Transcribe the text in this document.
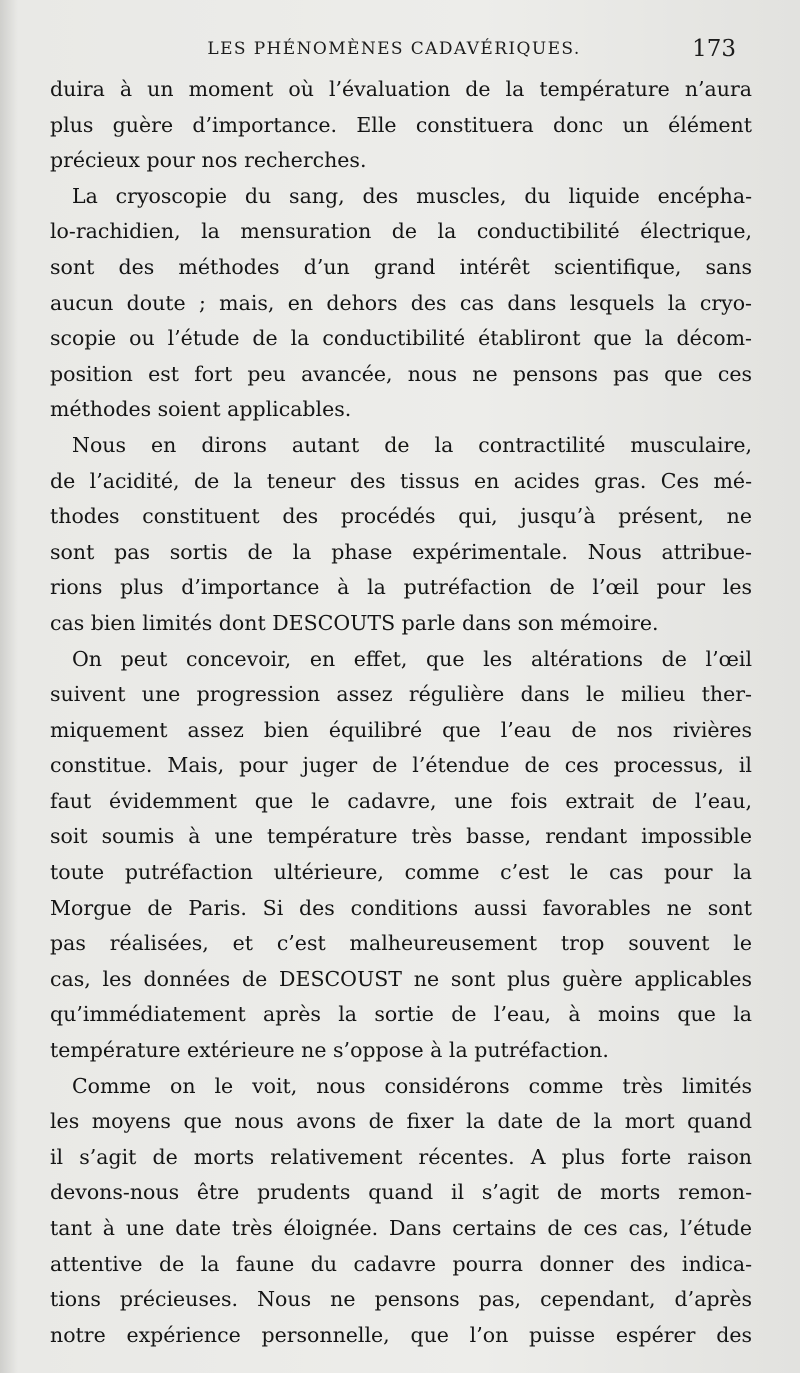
LES PHÉNOMÈNES CADAVÉRIQUES.	173

duira à un moment où l’évaluation de la température n’aura
plus guère d’importance. Elle constituera donc un élément
précieux pour nos recherches.

La cryoscopie du sang, des muscles, du liquide encépha-
lo-rachidien, la mensuration de la conductibilité électrique,
sont des méthodes d’un grand intérêt scientifique, sans
aucun doute ; mais, en dehors des cas dans lesquels la cryo-
scopie ou l’étude de la conductibilité établiront que la décom-
position est fort peu avancée, nous ne pensons pas que ces
méthodes soient applicables.

Nous en dirons autant de la contractilité musculaire,
de l’acidité, de la teneur des tissus en acides gras. Ces mé-
thodes constituent des procédés qui, jusqu’à présent, ne
sont pas sortis de la phase expérimentale. Nous attribue-
rions plus d’importance à la putréfaction de l’œil pour les
cas bien limités dont DESCOUTS parle dans son mémoire.

On peut concevoir, en effet, que les altérations de l’œil
suivent une progression assez régulière dans le milieu ther-
miquement assez bien équilibré que l’eau de nos rivières
constitue. Mais, pour juger de l’étendue de ces processus, il
faut évidemment que le cadavre, une fois extrait de l’eau,
soit soumis à une température très basse, rendant impossible
toute putréfaction ultérieure, comme c’est le cas pour la
Morgue de Paris. Si des conditions aussi favorables ne sont
pas réalisées, et c’est malheureusement trop souvent le
cas, les données de DESCOUST ne sont plus guère applicables
qu’immédiatement après la sortie de l’eau, à moins que la
température extérieure ne s’oppose à la putréfaction.

Comme on le voit, nous considérons comme très limités
les moyens que nous avons de fixer la date de la mort quand
il s’agit de morts relativement récentes. A plus forte raison
devons-nous être prudents quand il s’agit de morts remon-
tant à une date très éloignée. Dans certains de ces cas, l’étude
attentive de la faune du cadavre pourra donner des indica-
tions précieuses. Nous ne pensons pas, cependant, d’après
notre expérience personnelle, que l’on puisse espérer des
